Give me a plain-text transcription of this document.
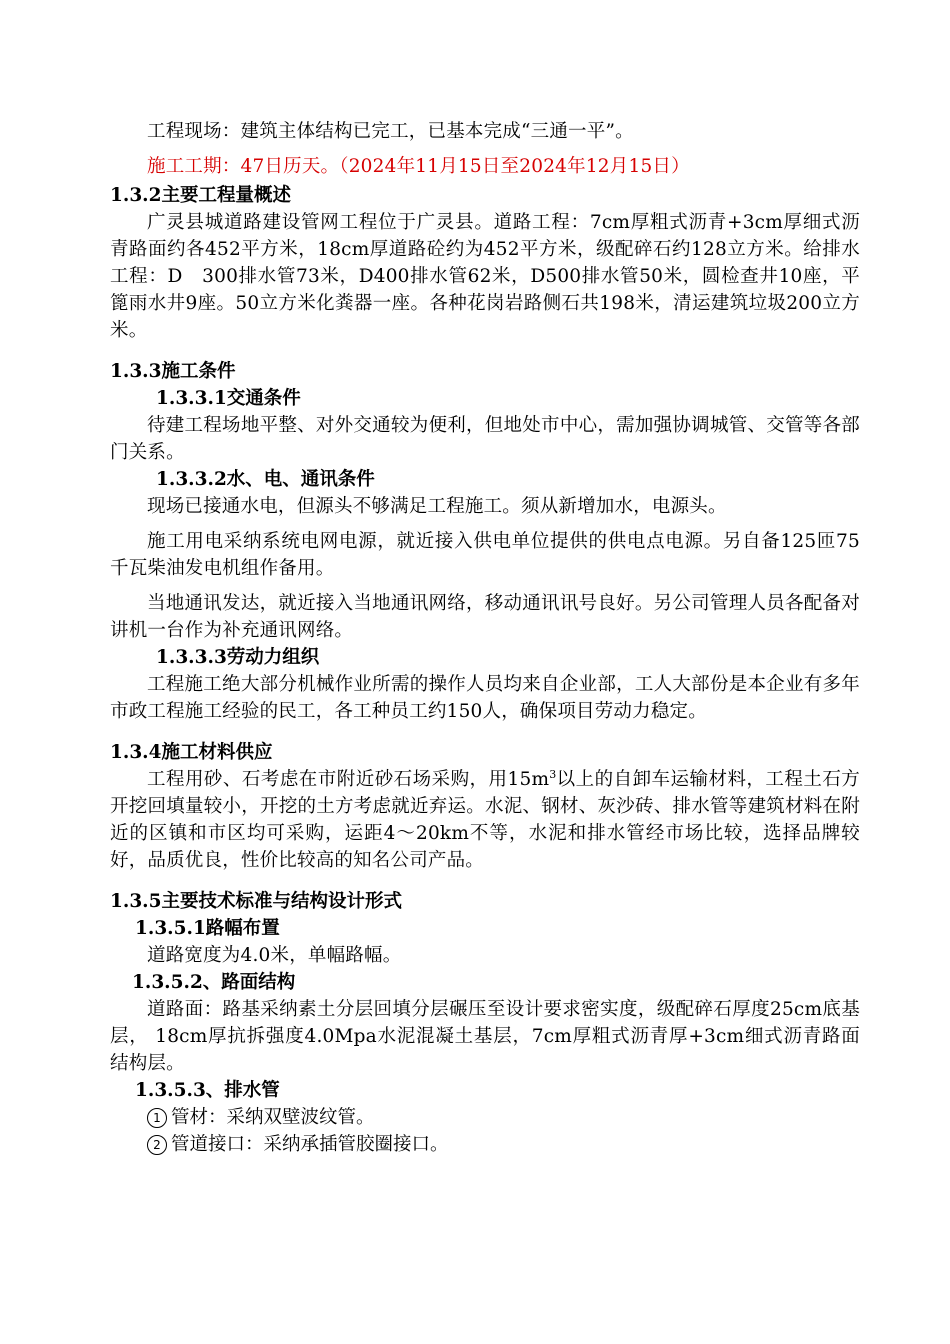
工程现场：建筑主体结构已完工，已基本完成“三通一平”。

施工工期：47日历天。（2024年11月15日至2024年12月15日）

1.3.2主要工程量概述

广灵县城道路建设管网工程位于广灵县。道路工程：7cm厚粗式沥青+3cm厚细式沥青路面约各452平方米，18cm厚道路砼约为452平方米，级配碎石约128立方米。给排水工程：D　300排水管73米，D400排水管62米，D500排水管50米，圆检查井10座，平篦雨水井9座。50立方米化粪器一座。各种花岗岩路侧石共198米，清运建筑垃圾200立方米。

1.3.3施工条件
1.3.3.1交通条件

待建工程场地平整、对外交通较为便利，但地处市中心，需加强协调城管、交管等各部门关系。

1.3.3.2水、电、通讯条件

现场已接通水电，但源头不够满足工程施工。须从新增加水，电源头。

施工用电采纳系统电网电源，就近接入供电单位提供的供电点电源。另自备125匝75千瓦柴油发电机组作备用。

当地通讯发达，就近接入当地通讯网络，移动通讯讯号良好。另公司管理人员各配备对讲机一台作为补充通讯网络。

1.3.3.3劳动力组织

工程施工绝大部分机械作业所需的操作人员均来自企业部，工人大部份是本企业有多年市政工程施工经验的民工，各工种员工约150人，确保项目劳动力稳定。

1.3.4施工材料供应

工程用砂、石考虑在市附近砂石场采购，用$15m^3$以上的自卸车运输材料，工程土石方开挖回填量较小，开挖的土方考虑就近弃运。水泥、钢材、灰沙砖、排水管等建筑材料在附近的区镇和市区均可采购，运距4～20km不等，水泥和排水管经市场比较，选择品牌较好，品质优良，性价比较高的知名公司产品。

1.3.5主要技术标准与结构设计形式
1.3.5.1路幅布置

道路宽度为4.0米，单幅路幅。

1.3.5.2、路面结构

道路面：路基采纳素土分层回填分层碾压至设计要求密实度，级配碎石厚度25cm底基层， 18cm厚抗拆强度4.0Mpa水泥混凝土基层，7cm厚粗式沥青厚+3cm细式沥青路面结构层。

1.3.5.3、排水管

1 管材：采纳双壁波纹管。

2 管道接口：采纳承插管胶圈接口。
